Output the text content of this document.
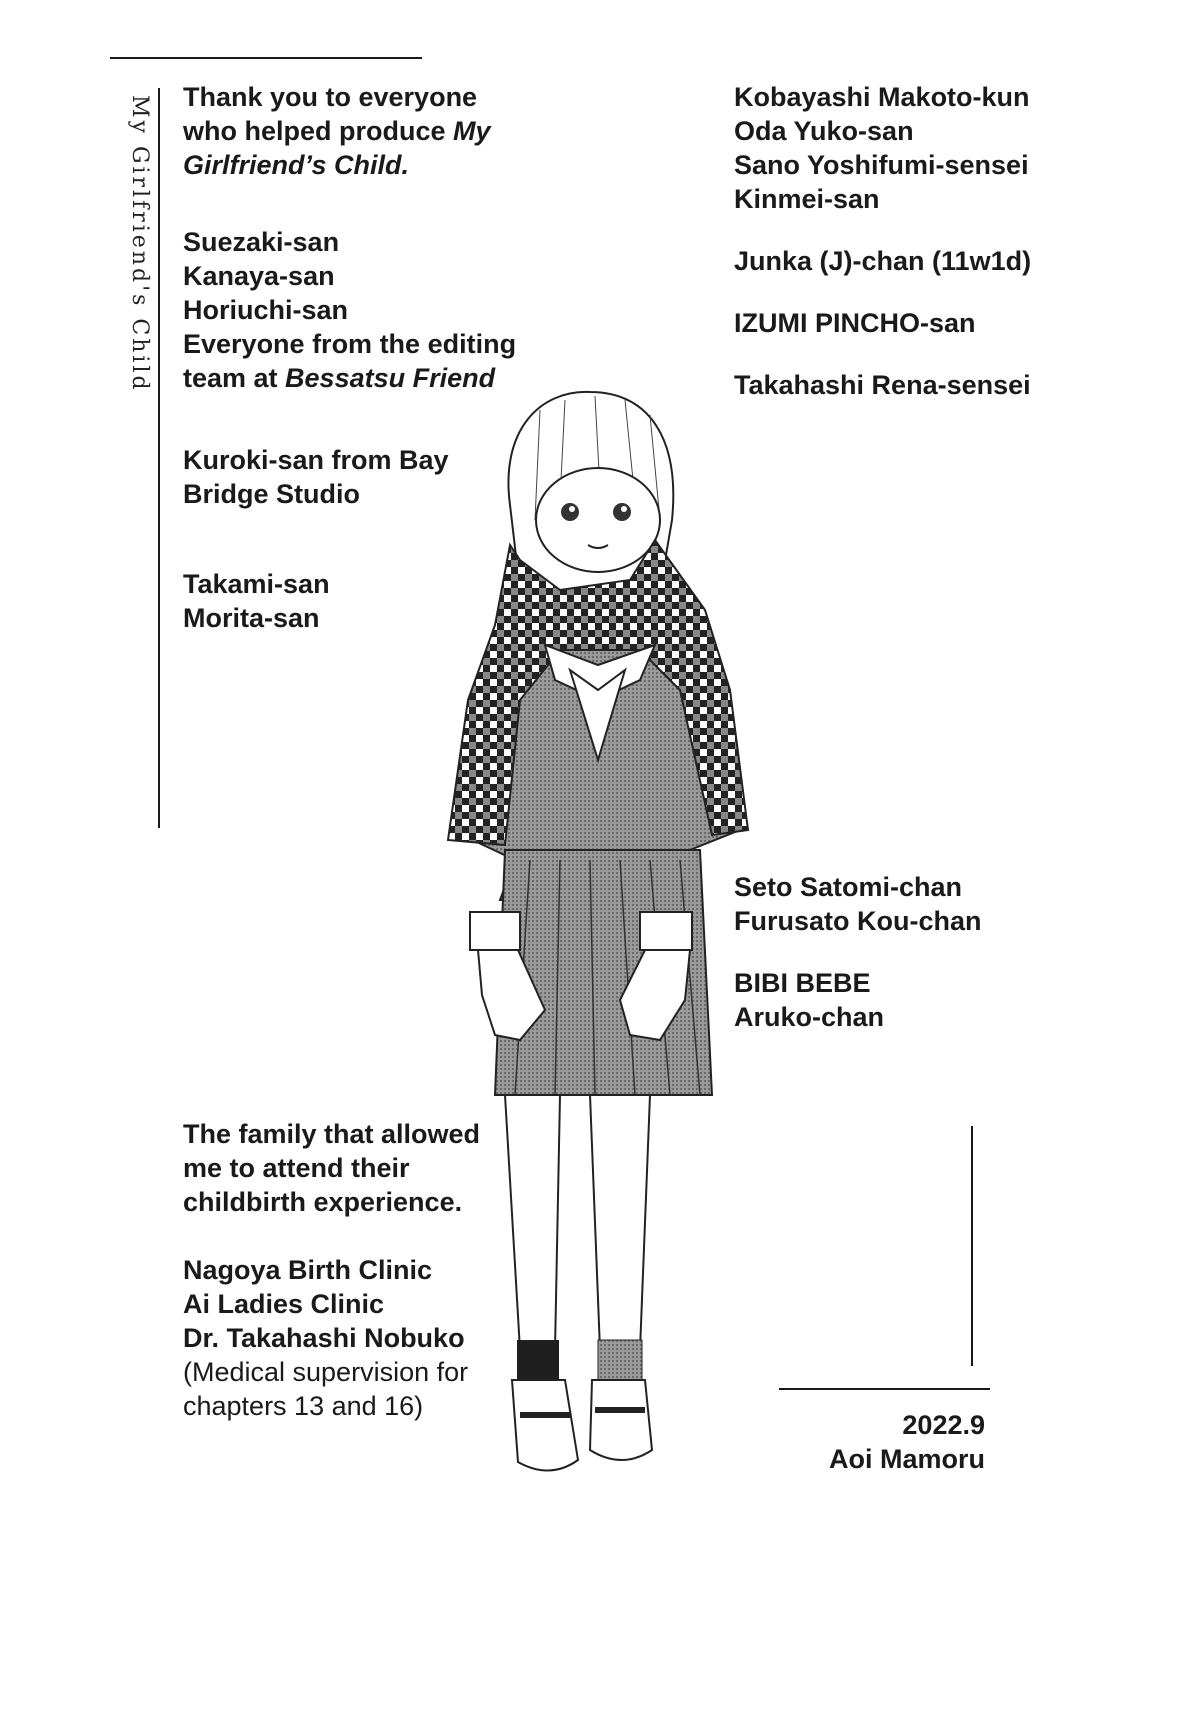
My Girlfriend's Child Thank you to everyone

who helped produce My

Girlfriend’s Child.

Suezaki-san

Kanaya-san

Horiuchi-san

Everyone from the editing

team at Bessatsu Friend

Kuroki-san from Bay

Bridge Studio

Takami-san

Morita-san

The family that allowed

me to attend their

childbirth experience.

Nagoya Birth Clinic

Ai Ladies Clinic

Dr. Takahashi Nobuko

(Medical supervision for

chapters 13 and 16)

Kobayashi Makoto-kun

Oda Yuko-san

Sano Yoshifumi-sensei

Kinmei-san

Junka (J)-chan (11w1d)

IZUMI PINCHO-san

Takahashi Rena-sensei

Seto Satomi-chan

Furusato Kou-chan

BIBI BEBE

Aruko-chan

2022.9

Aoi Mamoru
